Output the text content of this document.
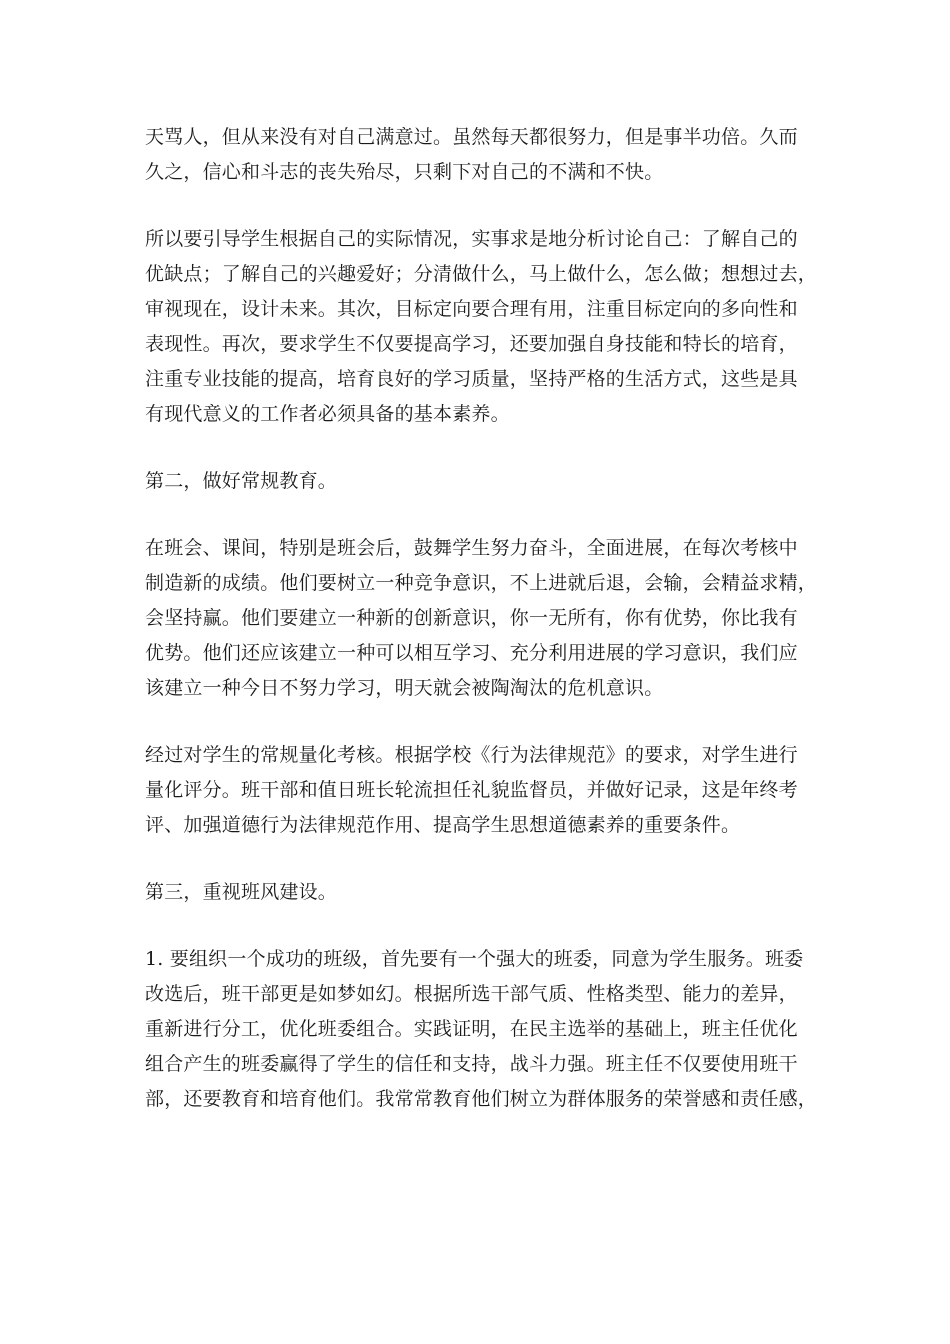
天骂人，但从来没有对自己满意过。虽然每天都很努力，但是事半功倍。久而
久之，信心和斗志的丧失殆尽，只剩下对自己的不满和不快。
所以要引导学生根据自己的实际情况，实事求是地分析讨论自己：了解自己的
优缺点；了解自己的兴趣爱好；分清做什么，马上做什么，怎么做；想想过去，
审视现在，设计未来。其次，目标定向要合理有用，注重目标定向的多向性和
表现性。再次，要求学生不仅要提高学习，还要加强自身技能和特长的培育，
注重专业技能的提高，培育良好的学习质量，坚持严格的生活方式，这些是具
有现代意义的工作者必须具备的基本素养。
第二，做好常规教育。
在班会、课间，特别是班会后，鼓舞学生努力奋斗，全面进展，在每次考核中
制造新的成绩。他们要树立一种竞争意识，不上进就后退，会输，会精益求精，
会坚持赢。他们要建立一种新的创新意识，你一无所有，你有优势，你比我有
优势。他们还应该建立一种可以相互学习、充分利用进展的学习意识，我们应
该建立一种今日不努力学习，明天就会被陶淘汰的危机意识。
经过对学生的常规量化考核。根据学校《行为法律规范》的要求，对学生进行
量化评分。班干部和值日班长轮流担任礼貌监督员，并做好记录，这是年终考
评、加强道德行为法律规范作用、提高学生思想道德素养的重要条件。
第三，重视班风建设。
1. 要组织一个成功的班级，首先要有一个强大的班委，同意为学生服务。班委
改选后，班干部更是如梦如幻。根据所选干部气质、性格类型、能力的差异，
重新进行分工，优化班委组合。实践证明，在民主选举的基础上，班主任优化
组合产生的班委赢得了学生的信任和支持，战斗力强。班主任不仅要使用班干
部，还要教育和培育他们。我常常教育他们树立为群体服务的荣誉感和责任感，
